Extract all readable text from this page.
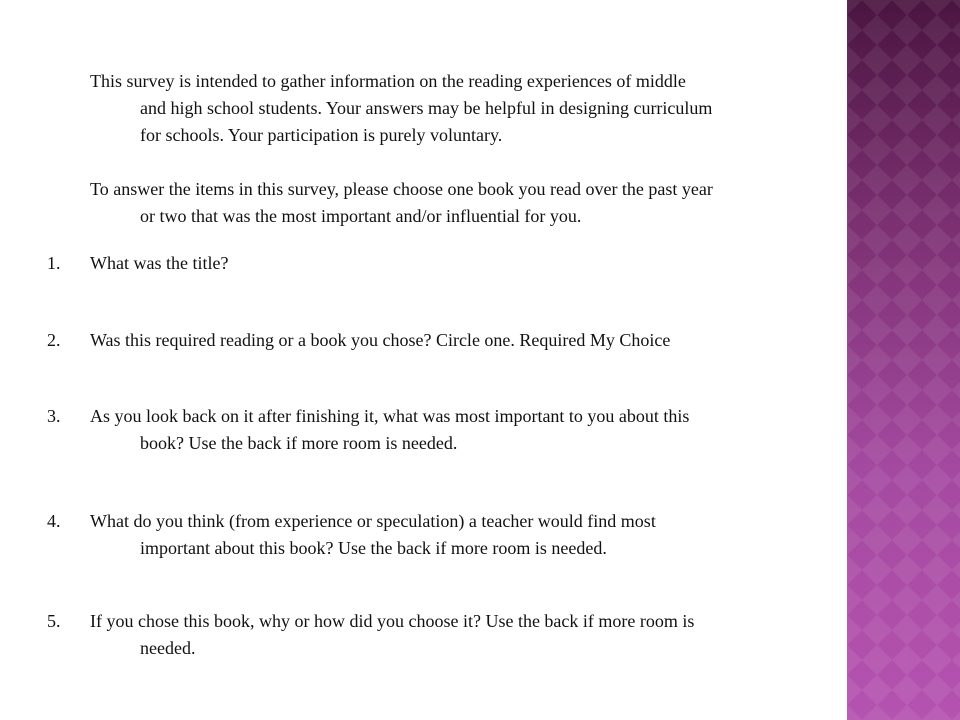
This survey is intended to gather information on the reading experiences of middle
and high school students. Your answers may be helpful in designing curriculum
for schools. Your participation is purely voluntary.

To answer the items in this survey, please choose one book you read over the past year
or two that was the most important and/or influential for you.

1.	What was the title?
2.	Was this required reading or a book you chose? Circle one. Required My Choice
3.	As you look back on it after finishing it, what was most important to you about this
book? Use the back if more room is needed.
4.	What do you think (from experience or speculation) a teacher would find most
important about this book? Use the back if more room is needed.
5.	If you chose this book, why or how did you choose it? Use the back if more room is
needed.
